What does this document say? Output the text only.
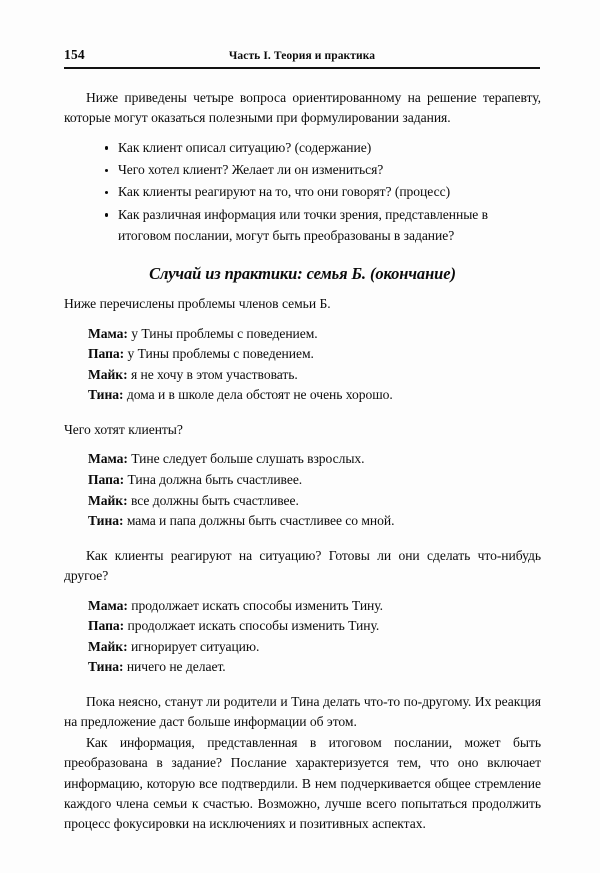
154	Часть I. Теория и практика

Ниже приведены четыре вопроса ориентированному на решение терапевту, которые могут оказаться полезными при формулировании задания.

Как клиент описал ситуацию? (содержание)
Чего хотел клиент? Желает ли он измениться?
Как клиенты реагируют на то, что они говорят? (процесс)
Как различная информация или точки зрения, представленные в итоговом послании, могут быть преобразованы в задание?
Случай из практики: семья Б. (окончание)

Ниже перечислены проблемы членов семьи Б.

Мама: у Тины проблемы с поведением.
Папа: у Тины проблемы с поведением.
Майк: я не хочу в этом участвовать.
Тина: дома и в школе дела обстоят не очень хорошо.

Чего хотят клиенты?

Мама: Тине следует больше слушать взрослых.
Папа: Тина должна быть счастливее.
Майк: все должны быть счастливее.
Тина: мама и папа должны быть счастливее со мной.

Как клиенты реагируют на ситуацию? Готовы ли они сделать что-нибудь другое?

Мама: продолжает искать способы изменить Тину.
Папа: продолжает искать способы изменить Тину.
Майк: игнорирует ситуацию.
Тина: ничего не делает.

Пока неясно, станут ли родители и Тина делать что-то по-другому. Их реакция на предложение даст больше информации об этом.

Как информация, представленная в итоговом послании, может быть преобразована в задание? Послание характеризуется тем, что оно включает информацию, которую все подтвердили. В нем подчеркивается общее стремление каждого члена семьи к счастью. Возможно, лучше всего попытаться продолжить процесс фокусировки на исключениях и позитивных аспектах.
